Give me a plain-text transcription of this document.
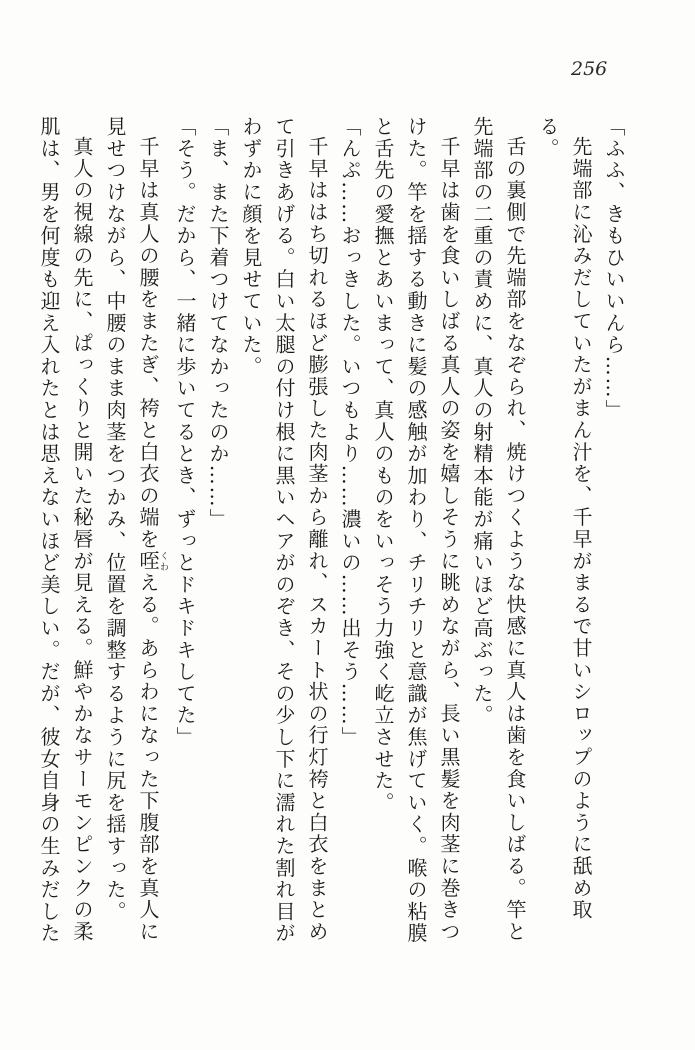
256

「ふふ、きもひいいんら……」

先端部に沁みだしていたがまん汁を、千早がまるで甘いシロップのように舐め取る。

舌の裏側で先端部をなぞられ、焼けつくような快感に真人は歯を食いしばる。竿と先端部の二重の責めに、真人の射精本能が痛いほど高ぶった。

千早は歯を食いしばる真人の姿を嬉しそうに眺めながら、長い黒髪を肉茎に巻きつけた。竿を揺する動きに髪の感触が加わり、チリチリと意識が焦げていく。喉の粘膜と舌先の愛撫とあいまって、真人のものをいっそう力強く屹立させた。

「んぷ……おっきした。いつもより……濃いの……出そう……」

千早ははち切れるほど膨張した肉茎から離れ、スカート状の行灯袴と白衣をまとめて引きあげる。白い太腿の付け根に黒いヘアがのぞき、その少し下に濡れた割れ目がわずかに顔を見せていた。

「ま、また下着つけてなかったのか……」

「そう。だから、一緒に歩いてるとき、ずっとドキドキしてた」

千早は真人の腰をまたぎ、袴と白衣の端を咥くわえる。あらわになった下腹部を真人に見せつけながら、中腰のまま肉茎をつかみ、位置を調整するように尻を揺すった。

真人の視線の先に、ぱっくりと開いた秘唇が見える。鮮やかなサーモンピンクの柔肌は、男を何度も迎え入れたとは思えないほど美しい。だが、彼女自身の生みだした
